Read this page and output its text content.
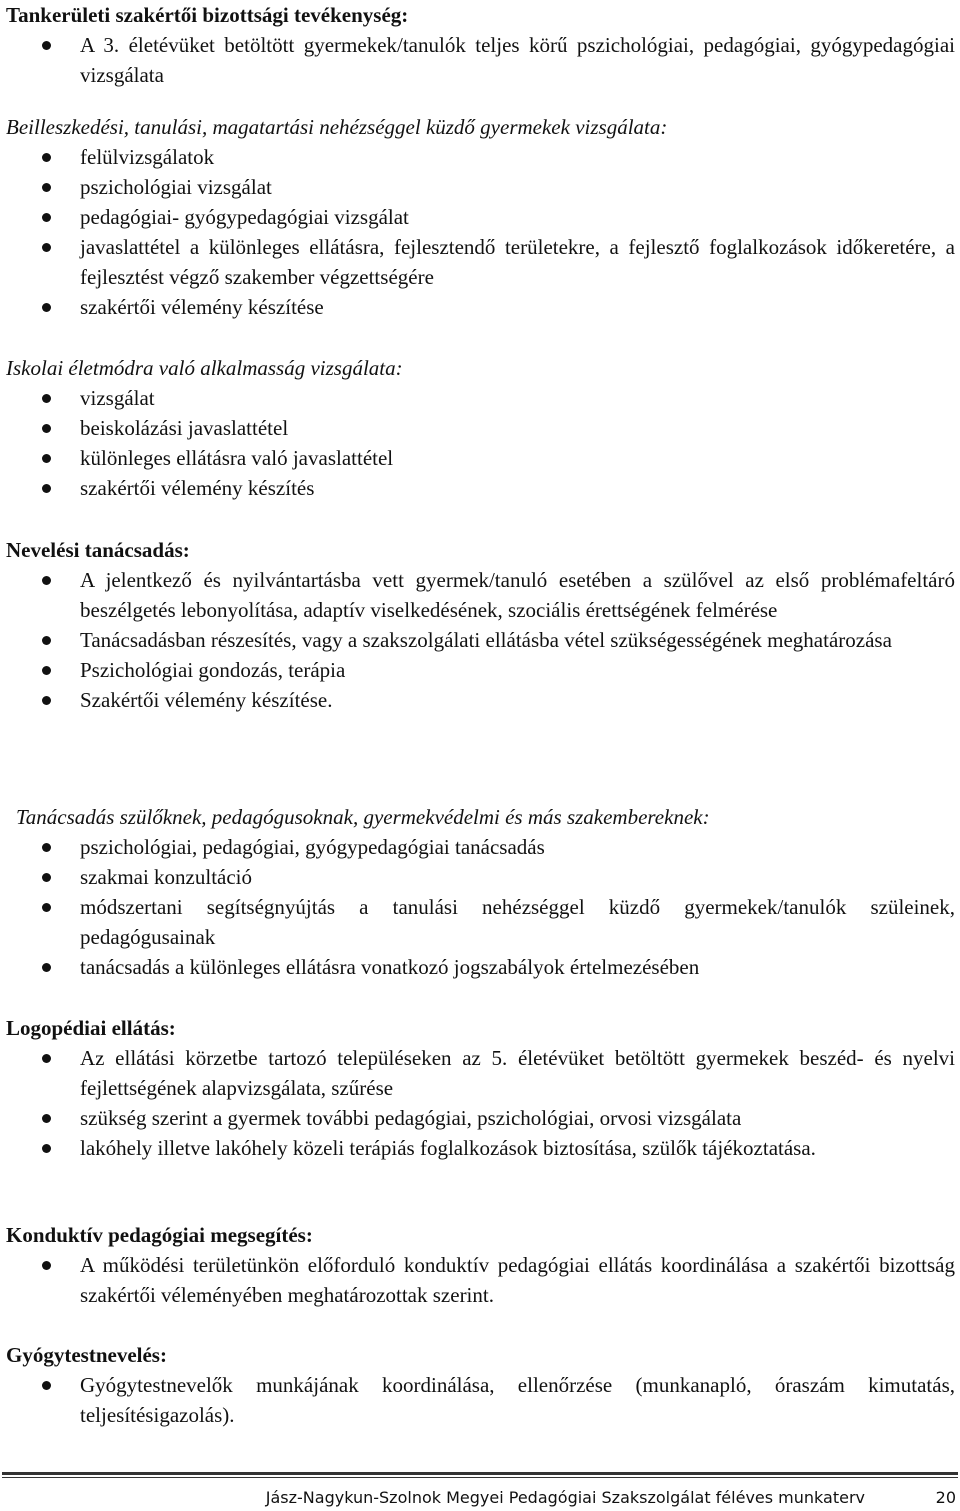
Tankerületi szakértői bizottsági tevékenység:
A 3. életévüket betöltött gyermekek/tanulók teljes körű pszichológiai, pedagógiai, gyógypedagógiai vizsgálata
Beilleszkedési, tanulási, magatartási nehézséggel küzdő gyermekek vizsgálata:
felülvizsgálatok
pszichológiai vizsgálat
pedagógiai- gyógypedagógiai vizsgálat
javaslattétel a különleges ellátásra, fejlesztendő területekre, a fejlesztő foglalkozások időkeretére, a fejlesztést végző szakember végzettségére
szakértői vélemény készítése
Iskolai életmódra való alkalmasság vizsgálata:
vizsgálat
beiskolázási javaslattétel
különleges ellátásra való javaslattétel
szakértői vélemény készítés
Nevelési tanácsadás:
A jelentkező és nyilvántartásba vett gyermek/tanuló esetében a szülővel az első problémafeltáró beszélgetés lebonyolítása, adaptív viselkedésének, szociális érettségének felmérése
Tanácsadásban részesítés, vagy a szakszolgálati ellátásba vétel szükségességének meghatározása
Pszichológiai gondozás, terápia
Szakértői vélemény készítése.
Tanácsadás szülőknek, pedagógusoknak, gyermekvédelmi és más szakembereknek:
pszichológiai, pedagógiai, gyógypedagógiai tanácsadás
szakmai konzultáció
módszertani segítségnyújtás a tanulási nehézséggel küzdő gyermekek/tanulók szüleinek, pedagógusainak
tanácsadás a különleges ellátásra vonatkozó jogszabályok értelmezésében
Logopédiai ellátás:
Az ellátási körzetbe tartozó településeken az 5. életévüket betöltött gyermekek beszéd- és nyelvi fejlettségének alapvizsgálata, szűrése
szükség szerint a gyermek további pedagógiai, pszichológiai, orvosi vizsgálata
lakóhely illetve lakóhely közeli terápiás foglalkozások biztosítása, szülők tájékoztatása.
Konduktív pedagógiai megsegítés:
A működési területünkön előforduló konduktív pedagógiai ellátás koordinálása a szakértői bizottság szakértői véleményében meghatározottak szerint.
Gyógytestnevelés:
Gyógytestnevelők munkájának koordinálása, ellenőrzése (munkanapló, óraszám kimutatás, teljesítésigazolás).
Jász-Nagykun-Szolnok Megyei Pedagógiai Szakszolgálat féléves munkaterv	20
